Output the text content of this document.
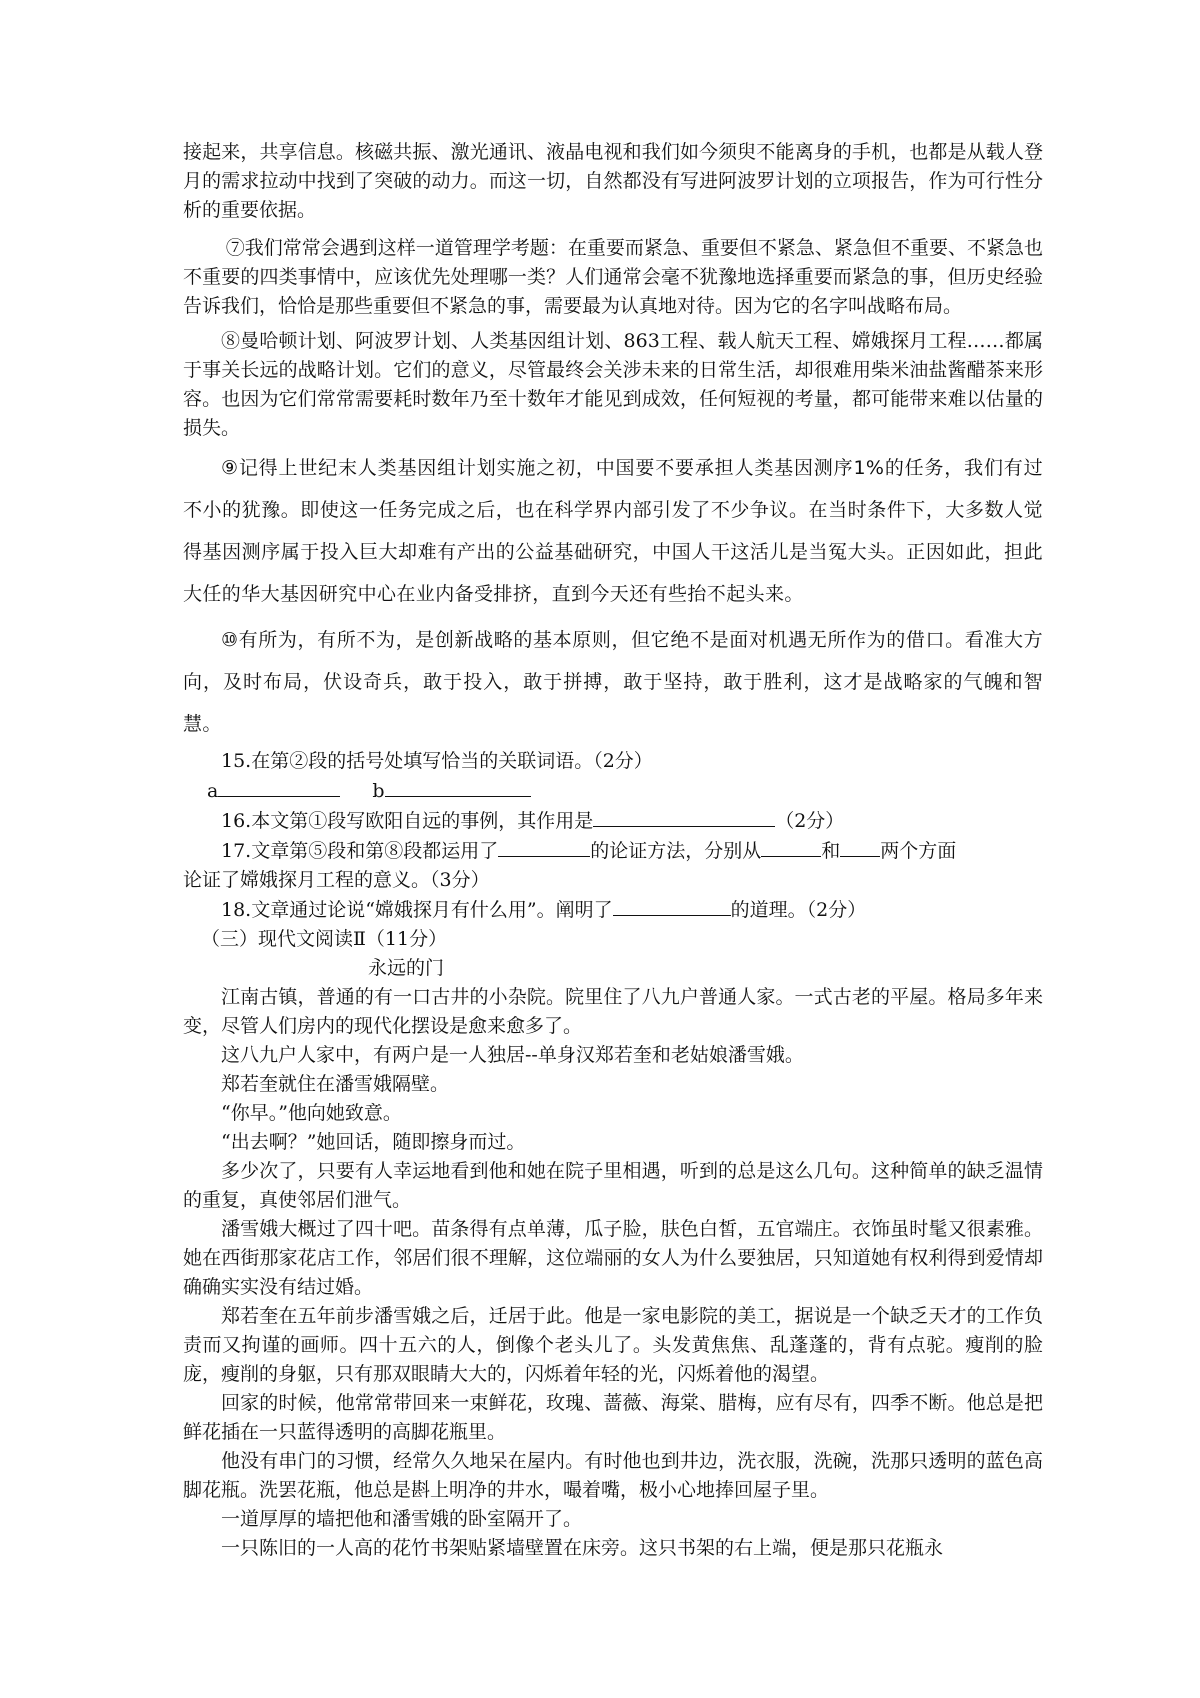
接起来，共享信息。核磁共振、激光通讯、液晶电视和我们如今须臾不能离身的手机，也都是从载人登月的需求拉动中找到了突破的动力。而这一切，自然都没有写进阿波罗计划的立项报告，作为可行性分析的重要依据。

⑦我们常常会遇到这样一道管理学考题：在重要而紧急、重要但不紧急、紧急但不重要、不紧急也不重要的四类事情中，应该优先处理哪一类？人们通常会毫不犹豫地选择重要而紧急的事，但历史经验告诉我们，恰恰是那些重要但不紧急的事，需要最为认真地对待。因为它的名字叫战略布局。

⑧曼哈顿计划、阿波罗计划、人类基因组计划、863工程、载人航天工程、嫦娥探月工程……都属于事关长远的战略计划。它们的意义，尽管最终会关涉未来的日常生活，却很难用柴米油盐酱醋茶来形容。也因为它们常常需要耗时数年乃至十数年才能见到成效，任何短视的考量，都可能带来难以估量的损失。

⑨记得上世纪末人类基因组计划实施之初，中国要不要承担人类基因测序1%的任务，我们有过不小的犹豫。即使这一任务完成之后，也在科学界内部引发了不少争议。在当时条件下，大多数人觉得基因测序属于投入巨大却难有产出的公益基础研究，中国人干这活儿是当冤大头。正因如此，担此大任的华大基因研究中心在业内备受排挤，直到今天还有些抬不起头来。

⑩有所为，有所不为，是创新战略的基本原则，但它绝不是面对机遇无所作为的借口。看准大方向，及时布局，伏设奇兵，敢于投入，敢于拼搏，敢于坚持，敢于胜利，这才是战略家的气魄和智慧。

15.在第②段的括号处填写恰当的关联词语。（2分）
a	b
16.本文第①段写欧阳自远的事例，其作用是	（2分）
17.文章第⑤段和第⑧段都运用了	的论证方法，分别从	和 两个方面
论证了嫦娥探月工程的意义。（3分）
18.文章通过论说“嫦娥探月有什么用”。阐明了	的道理。（2分）
（三）现代文阅读Ⅱ（11分）
永远的门

江南古镇，普通的有一口古井的小杂院。院里住了八九户普通人家。一式古老的平屋。格局多年来变，尽管人们房内的现代化摆设是愈来愈多了。

这八九户人家中，有两户是一人独居--单身汉郑若奎和老姑娘潘雪娥。

郑若奎就住在潘雪娥隔壁。

“你早。”他向她致意。

“出去啊？”她回话，随即擦身而过。

多少次了，只要有人幸运地看到他和她在院子里相遇，听到的总是这么几句。这种简单的缺乏温情的重复，真使邻居们泄气。

潘雪娥大概过了四十吧。苗条得有点单薄，瓜子脸，肤色白皙，五官端庄。衣饰虽时髦又很素雅。她在西街那家花店工作，邻居们很不理解，这位端丽的女人为什么要独居，只知道她有权利得到爱情却确确实实没有结过婚。

郑若奎在五年前步潘雪娥之后，迁居于此。他是一家电影院的美工，据说是一个缺乏天才的工作负责而又拘谨的画师。四十五六的人，倒像个老头儿了。头发黄焦焦、乱蓬蓬的，背有点驼。瘦削的脸庞，瘦削的身躯，只有那双眼睛大大的，闪烁着年轻的光，闪烁着他的渴望。

回家的时候，他常常带回来一束鲜花，玫瑰、蔷薇、海棠、腊梅，应有尽有，四季不断。他总是把鲜花插在一只蓝得透明的高脚花瓶里。

他没有串门的习惯，经常久久地呆在屋内。有时他也到井边，洗衣服，洗碗，洗那只透明的蓝色高脚花瓶。洗罢花瓶，他总是斟上明净的井水，嘬着嘴，极小心地捧回屋子里。

一道厚厚的墙把他和潘雪娥的卧室隔开了。

一只陈旧的一人高的花竹书架贴紧墙壁置在床旁。这只书架的右上端，便是那只花瓶永
